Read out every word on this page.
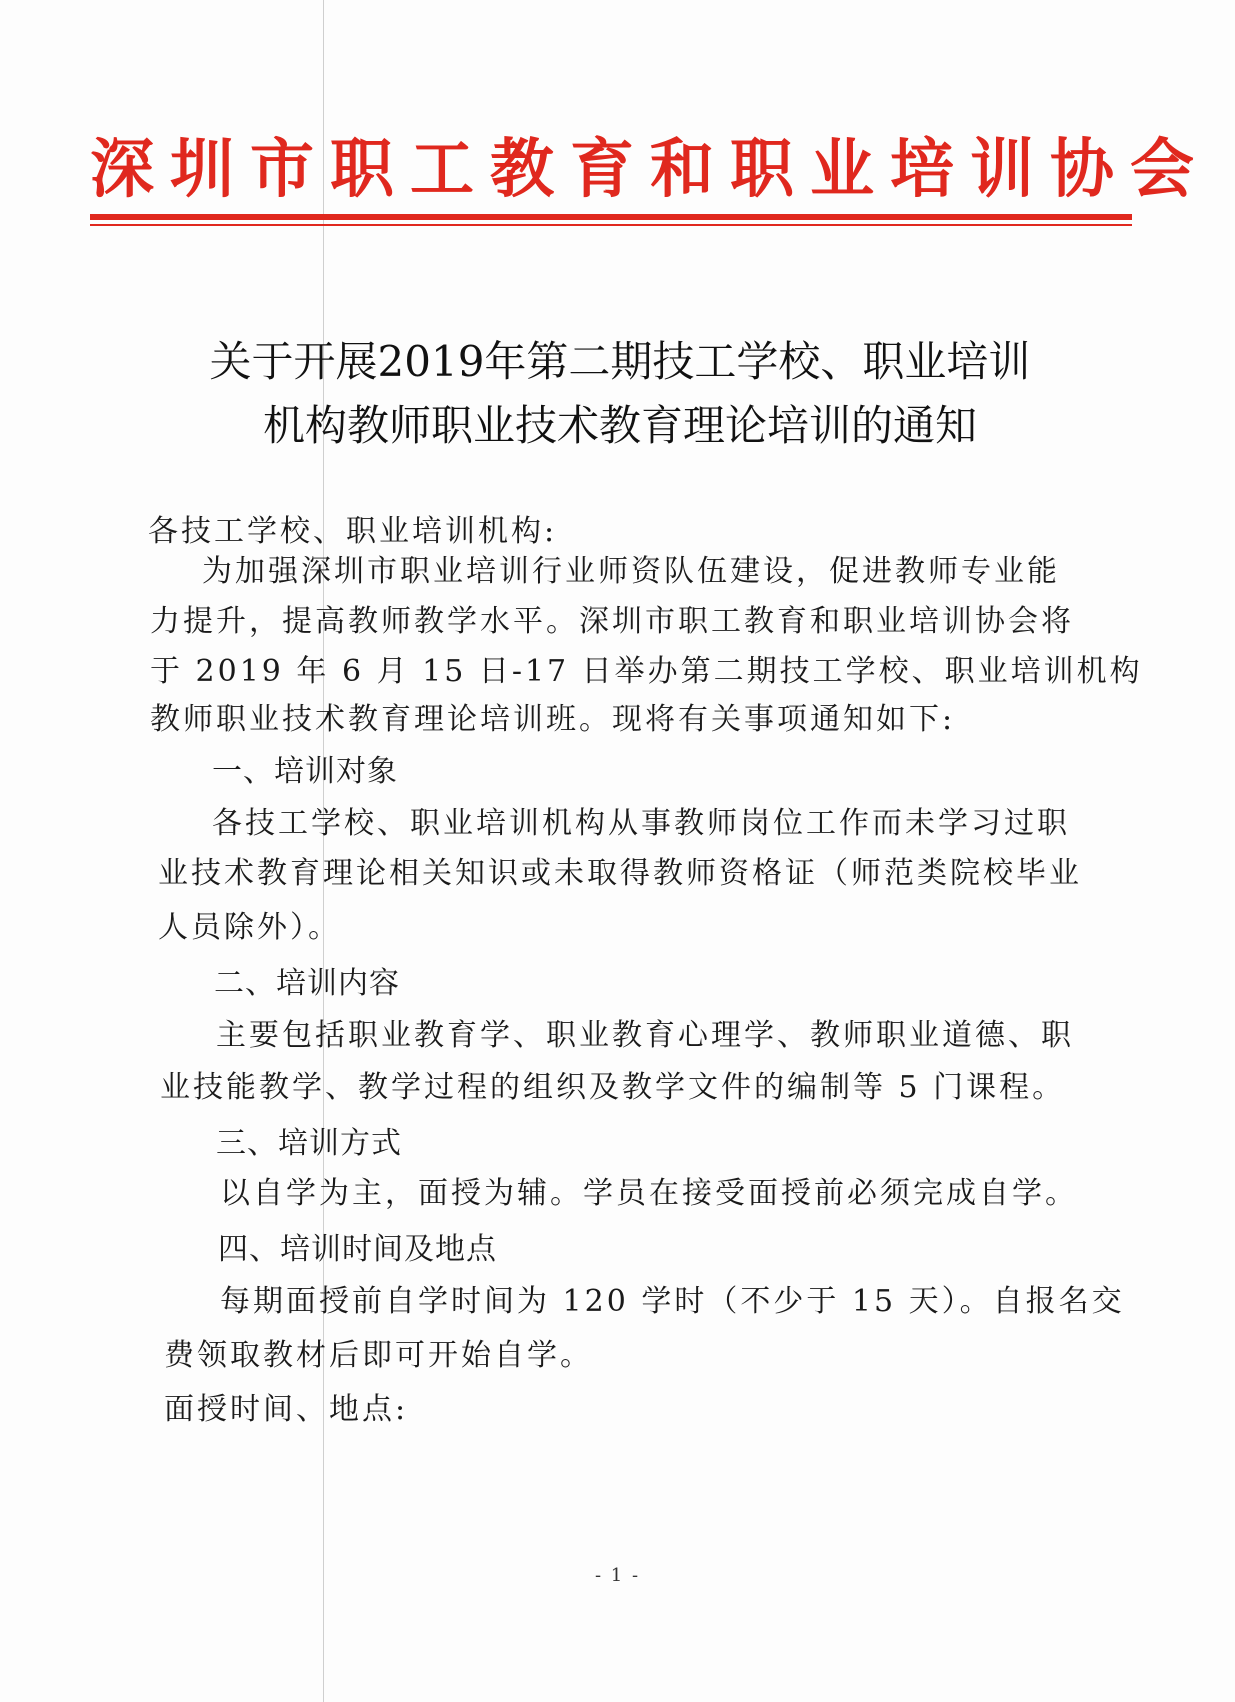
深圳市职工教育和职业培训协会
关于开展2019年第二期技工学校、职业培训
机构教师职业技术教育理论培训的通知
各技工学校、职业培训机构:
为加强深圳市职业培训行业师资队伍建设，促进教师专业能
力提升，提高教师教学水平。深圳市职工教育和职业培训协会将
于 2019 年 6 月 15 日-17 日举办第二期技工学校、职业培训机构
教师职业技术教育理论培训班。现将有关事项通知如下:
一、培训对象
各技工学校、职业培训机构从事教师岗位工作而未学习过职
业技术教育理论相关知识或未取得教师资格证（师范类院校毕业
人员除外）。
二、培训内容
主要包括职业教育学、职业教育心理学、教师职业道德、职
业技能教学、教学过程的组织及教学文件的编制等 5 门课程。
三、培训方式
以自学为主，面授为辅。学员在接受面授前必须完成自学。
四、培训时间及地点
每期面授前自学时间为 120 学时（不少于 15 天）。自报名交
费领取教材后即可开始自学。
面授时间、地点:
- 1 -
